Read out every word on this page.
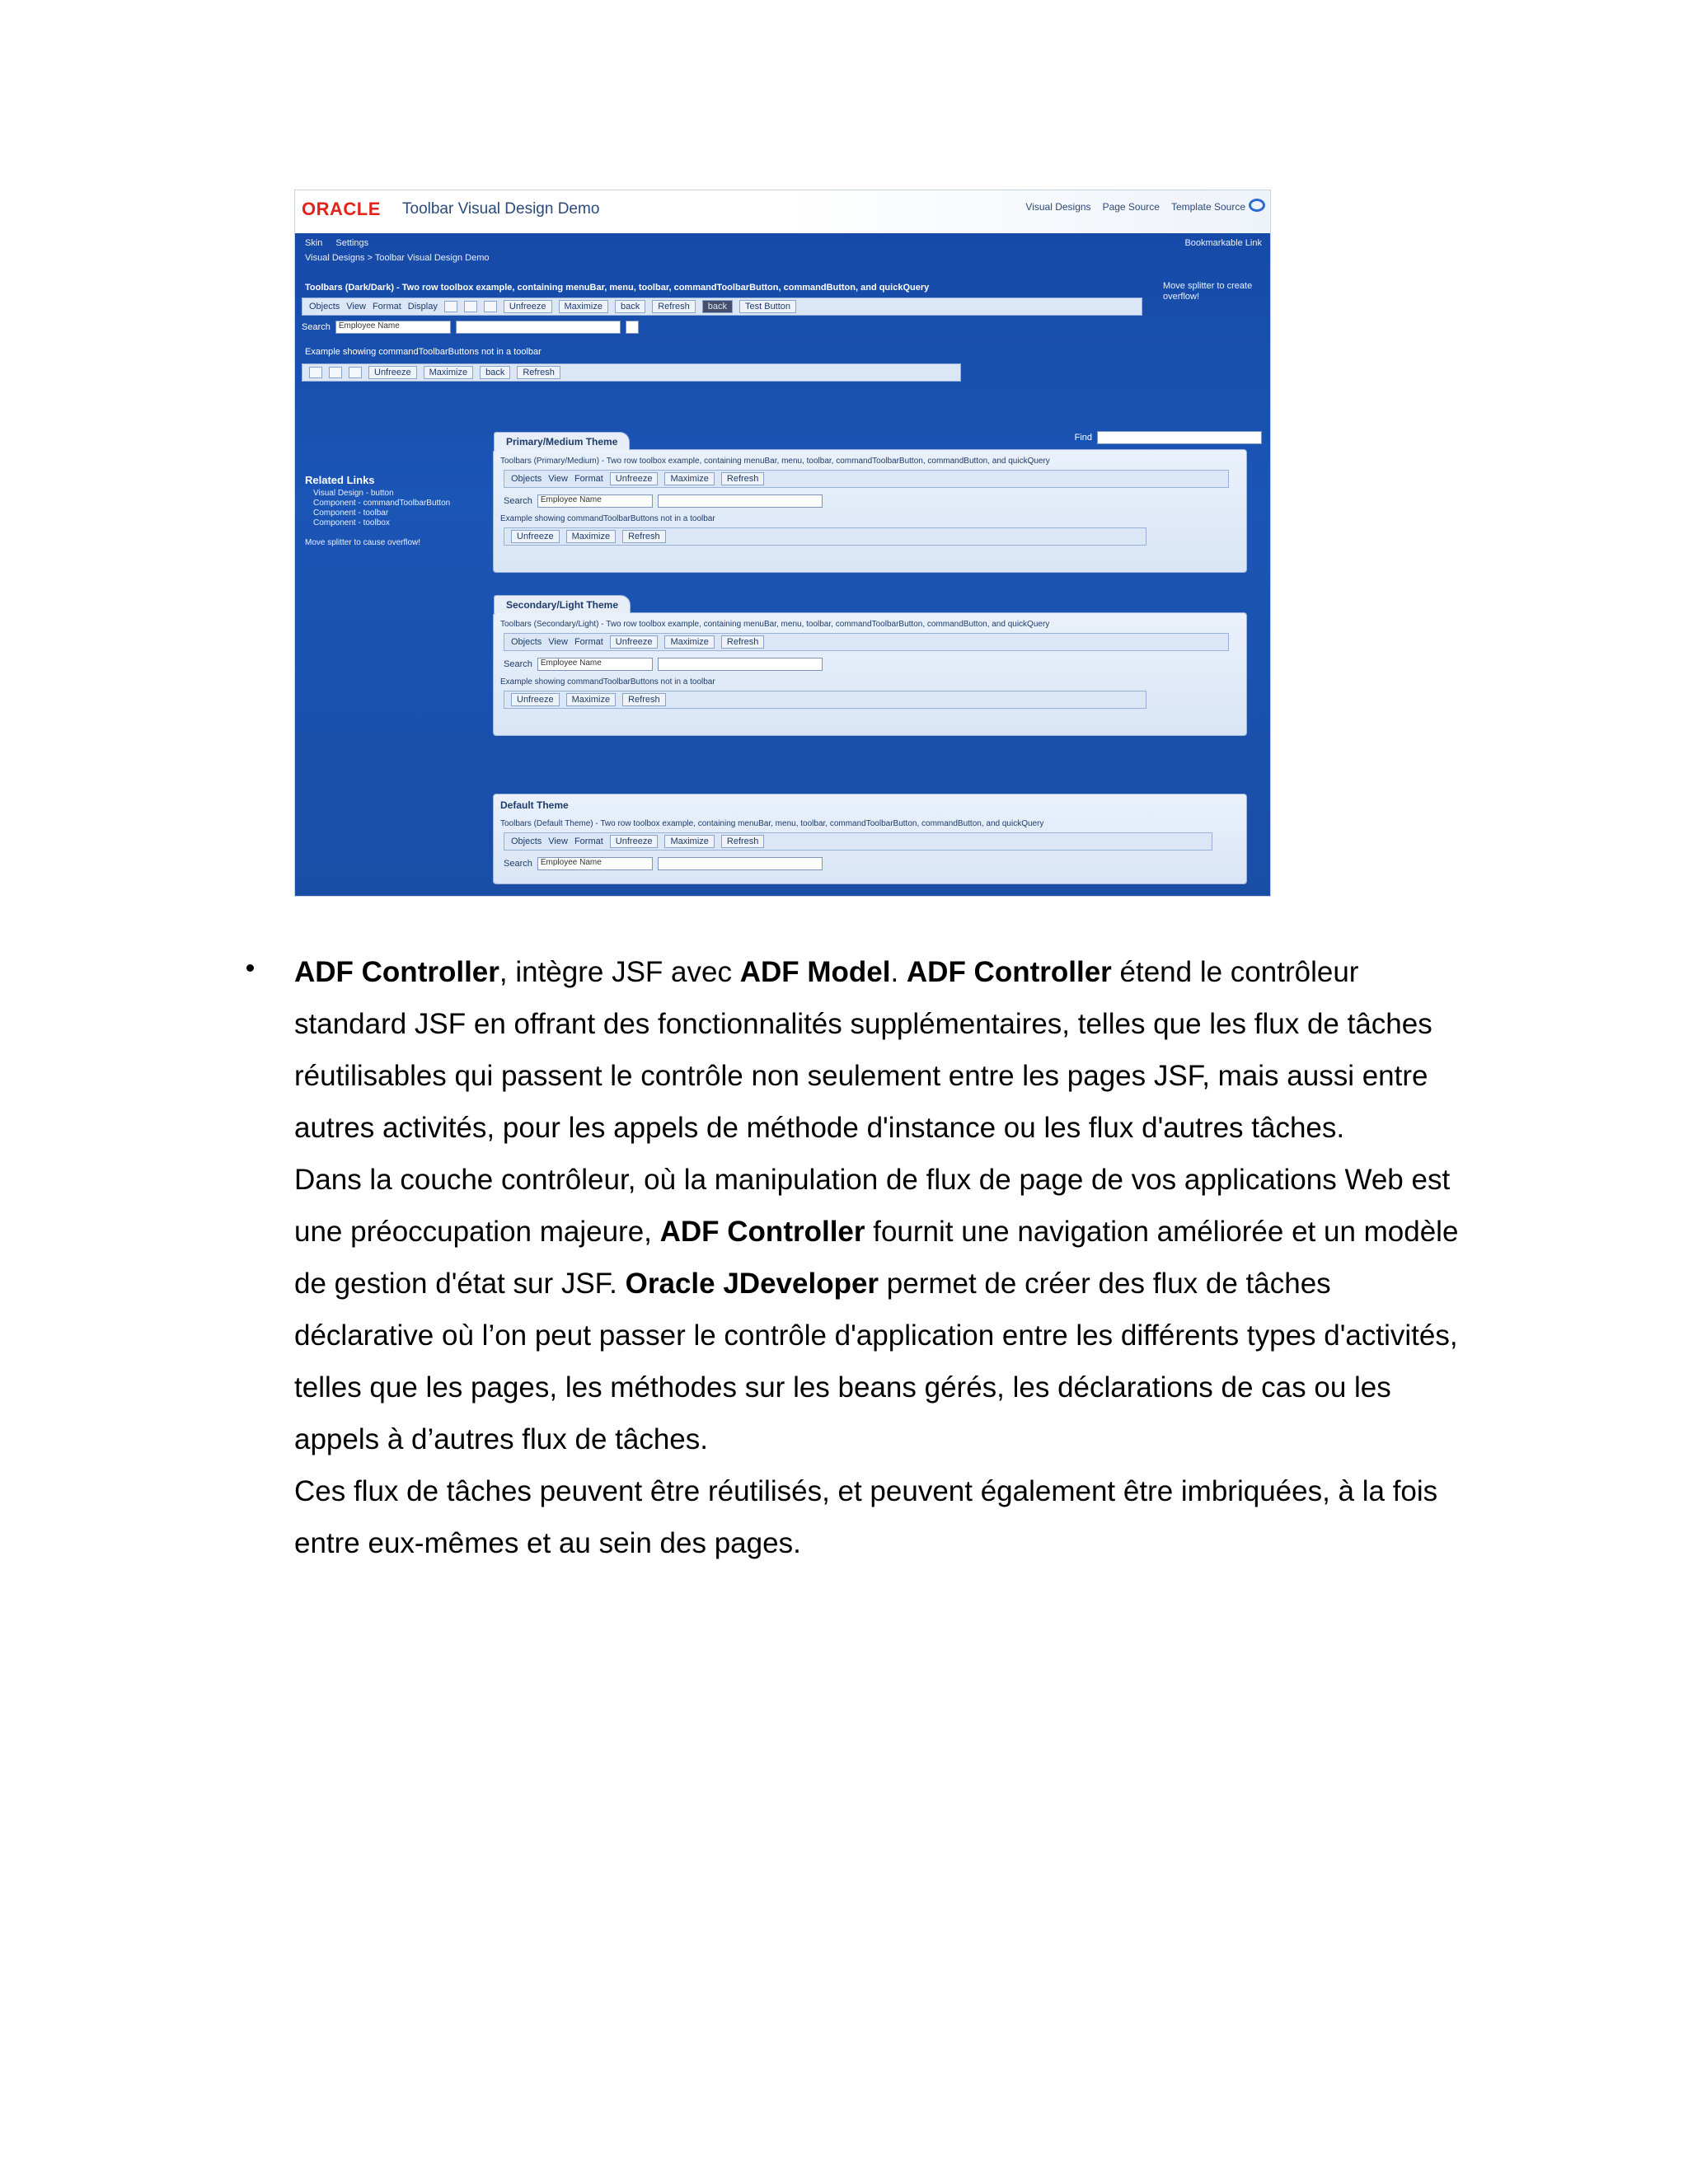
ORACLE Toolbar Visual Design Demo	Visual Designs Page Source Template Source
Skin Settings
Visual Designs > Toolbar Visual Design Demo
Bookmarkable Link
Toolbars (Dark/Dark) - Two row toolbox example, containing menuBar, menu, toolbar, commandToolbarButton, commandButton, and quickQuery	Move splitter to create overflow!
Objects View Format Display	Unfreeze	Maximize	back	Refresh	back	Test Button
Search	Employee Name
Example showing commandToolbarButtons not in a toolbar
Unfreeze	Maximize	back	Refresh
Related Links
Visual Design - button
Component - commandToolbarButton
Component - toolbar
Component - toolbox
Move splitter to cause overflow!
Find
Primary/Medium Theme
Toolbars (Primary/Medium) - Two row toolbox example, containing menuBar, menu, toolbar, commandToolbarButton, commandButton, and quickQuery
Objects View Format	Unfreeze	Maximize	Refresh
Search	Employee Name
Example showing commandToolbarButtons not in a toolbar
Unfreeze	Maximize	Refresh
Secondary/Light Theme
Toolbars (Secondary/Light) - Two row toolbox example, containing menuBar, menu, toolbar, commandToolbarButton, commandButton, and quickQuery
Objects View Format	Unfreeze	Maximize	Refresh
Search	Employee Name
Example showing commandToolbarButtons not in a toolbar
Unfreeze	Maximize	Refresh
Default Theme
Toolbars (Default Theme) - Two row toolbox example, containing menuBar, menu, toolbar, commandToolbarButton, commandButton, and quickQuery
Objects View Format	Unfreeze	Maximize	Refresh
Search	Employee Name

ADF Controller, intègre JSF avec ADF Model. ADF Controller étend le contrôleur standard JSF en offrant des fonctionnalités supplémentaires, telles que les flux de tâches réutilisables qui passent le contrôle non seulement entre les pages JSF, mais aussi entre autres activités, pour les appels de méthode d'instance ou les flux d'autres tâches.

Dans la couche contrôleur, où la manipulation de flux de page de vos applications Web est une préoccupation majeure, ADF Controller fournit une navigation améliorée et un modèle de gestion d'état sur JSF. Oracle JDeveloper permet de créer des flux de tâches déclarative où l’on peut passer le contrôle d'application entre les différents types d'activités, telles que les pages, les méthodes sur les beans gérés, les déclarations de cas ou les appels à d’autres flux de tâches.

Ces flux de tâches peuvent être réutilisés, et peuvent également être imbriquées, à la fois entre eux-mêmes et au sein des pages.
